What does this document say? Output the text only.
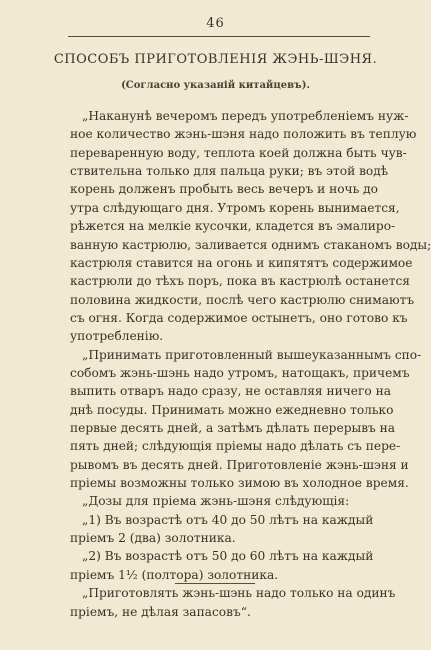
46
СПОСОБЪ ПРИГОТОВЛЕНІЯ ЖЭНЬ-ШЭНЯ.
(Согласно указаній китайцевъ).
„Наканунѣ вечеромъ передъ употребленіемъ нуж-
ное количество жэнь-шэня надо положить въ теплую
переваренную воду, теплота коей должна быть чув-
ствительна только для пальца руки; въ этой водѣ
корень долженъ пробыть весь вечеръ и ночь до
утра слѣдующаго дня. Утромъ корень вынимается,
рѣжется на мелкіе кусочки, кладется въ эмалиро-
ванную кастрюлю, заливается однимъ стаканомъ воды;
кастрюля ставится на огонь и кипятятъ содержимое
кастрюли до тѣхъ поръ, пока въ кастрюлѣ останется
половина жидкости, послѣ чего кастрюлю снимаютъ
съ огня. Когда содержимое остынетъ, оно готово къ
употребленію.
„Принимать приготовленный вышеуказаннымъ спо-
собомъ жэнь-шэнь надо утромъ, натощакъ, причемъ
выпить отваръ надо сразу, не оставляя ничего на
днѣ посуды. Принимать можно ежедневно только
первые десять дней, а затѣмъ дѣлать перерывъ на
пять дней; слѣдующія пріемы надо дѣлать съ пере-
рывомъ въ десять дней. Приготовленіе жэнь-шэня и
пріемы возможны только зимою въ холодное время.
„Дозы для пріема жэнь-шэня слѣдующія:
„1) Въ возрастѣ отъ 40 до 50 лѣтъ на каждый
пріемъ 2 (два) золотника.
„2) Въ возрастѣ отъ 50 до 60 лѣтъ на каждый
пріемъ 1½ (полтора) золотника.
„Приготовлять жэнь-шэнь надо только на одинъ
пріемъ, не дѣлая запасовъ“.
